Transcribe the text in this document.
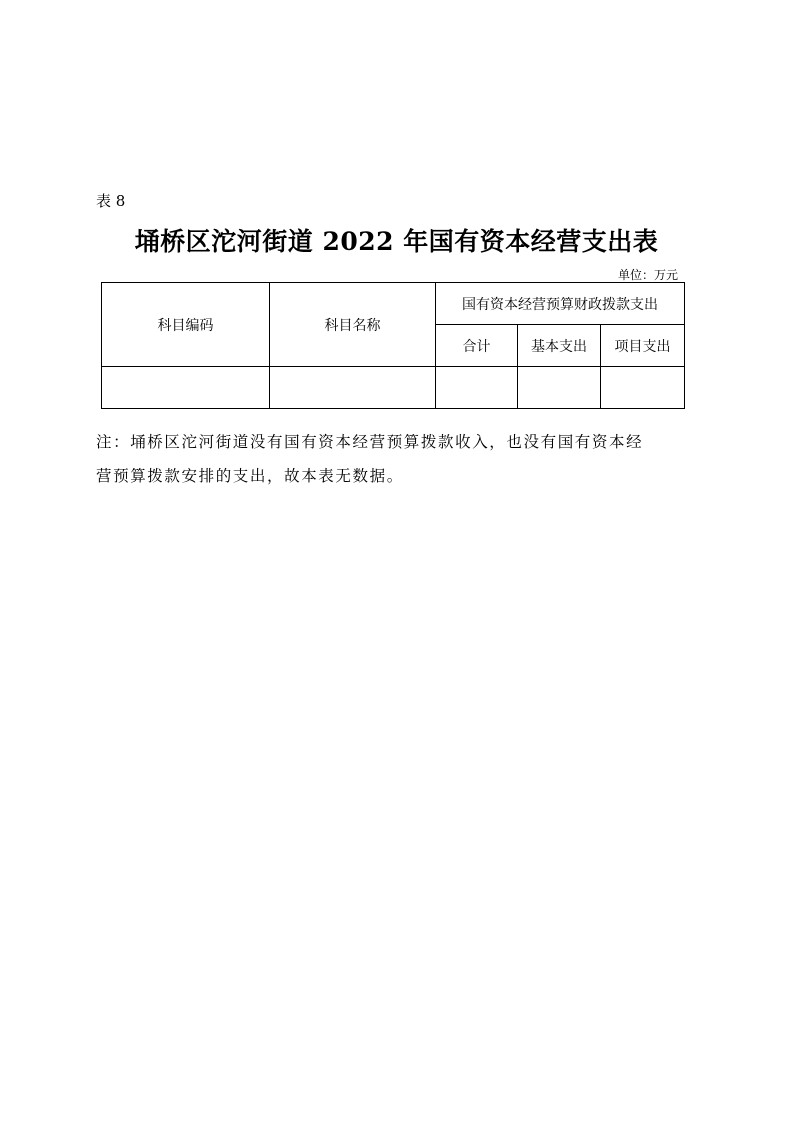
表 8
埇桥区沱河街道 2022 年国有资本经营支出表
单位：万元
科目编码	科目名称	国有资本经营预算财政拨款支出		
		合计	基本支出	项目支出

注：埇桥区沱河街道没有国有资本经营预算拨款收入，也没有国有资本经

营预算拨款安排的支出，故本表无数据。
